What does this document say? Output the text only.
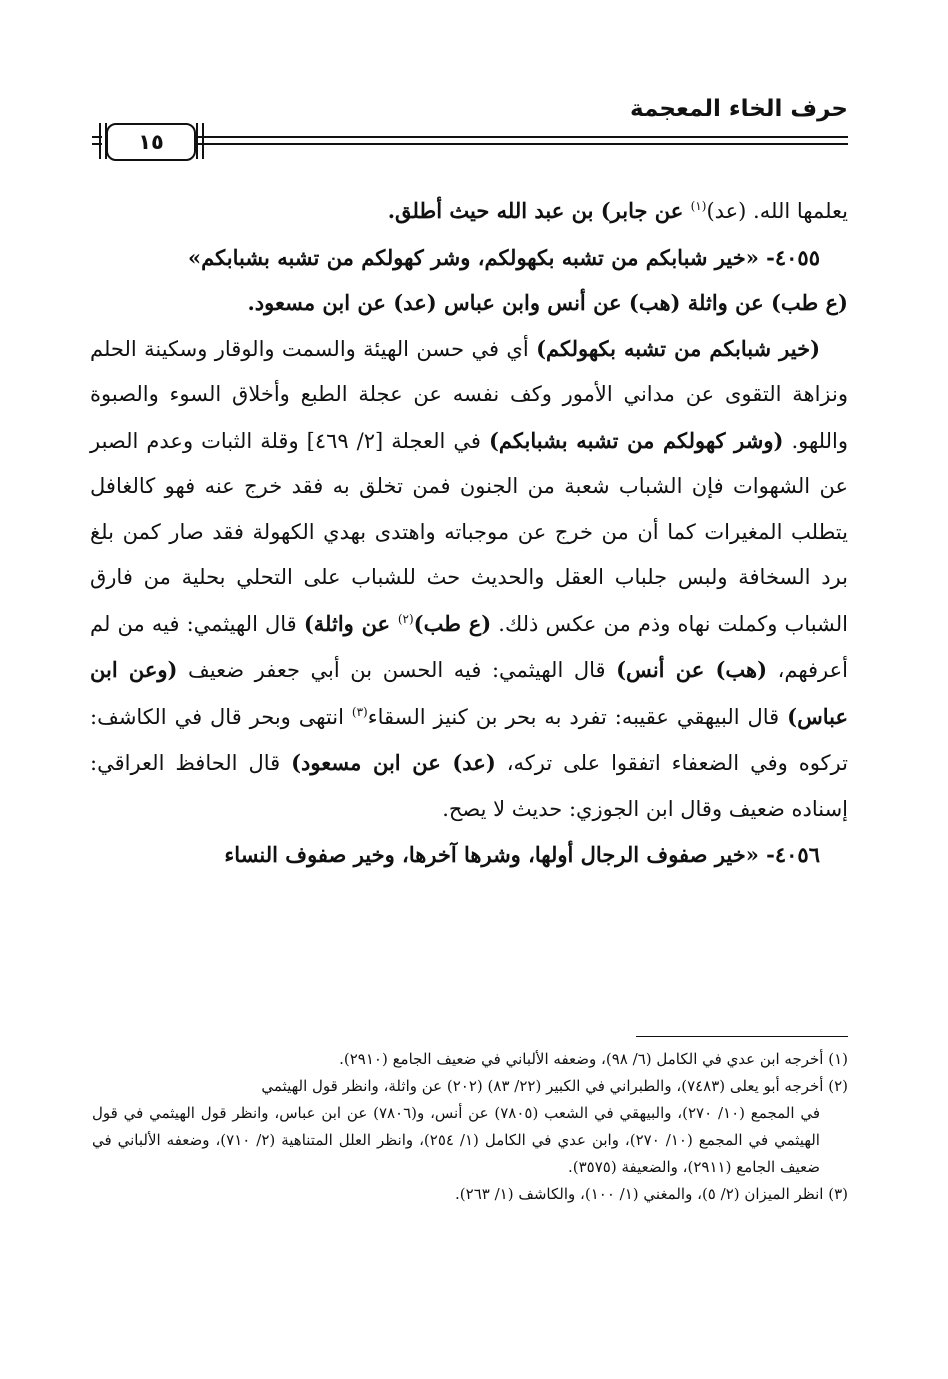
حرف الخاء المعجمة
١٥

يعلمها الله. (عد)$^{(١)}$ عن جابر) بن عبد الله حيث أطلق.

٤٠٥٥- «خير شبابكم من تشبه بكهولكم، وشر كهولكم من تشبه بشبابكم»

(ع طب) عن واثلة (هب) عن أنس وابن عباس (عد) عن ابن مسعود.

(خير شبابكم من تشبه بكهولكم) أي في حسن الهيئة والسمت والوقار وسكينة الحلم ونزاهة التقوى عن مداني الأمور وكف نفسه عن عجلة الطبع وأخلاق السوء والصبوة واللهو. (وشر كهولكم من تشبه بشبابكم) في العجلة [٢/ ٤٦٩] وقلة الثبات وعدم الصبر عن الشهوات فإن الشباب شعبة من الجنون فمن تخلق به فقد خرج عنه فهو كالغافل يتطلب المغيرات كما أن من خرج عن موجباته واهتدى بهدي الكهولة فقد صار كمن بلغ برد السخافة ولبس جلباب العقل والحديث حث للشباب على التحلي بحلية من فارق الشباب وكملت نهاه وذم من عكس ذلك. (ع طب)$^{(٢)}$ عن واثلة) قال الهيثمي: فيه من لم أعرفهم، (هب) عن أنس) قال الهيثمي: فيه الحسن بن أبي جعفر ضعيف (وعن ابن عباس) قال البيهقي عقيبه: تفرد به بحر بن كنيز السقاء$^{(٣)}$ انتهى وبحر قال في الكاشف: تركوه وفي الضعفاء اتفقوا على تركه، (عد) عن ابن مسعود) قال الحافظ العراقي: إسناده ضعيف وقال ابن الجوزي: حديث لا يصح.

٤٠٥٦- «خير صفوف الرجال أولها، وشرها آخرها، وخير صفوف النساء

(١) أخرجه ابن عدي في الكامل (٦/ ٩٨)، وضعفه الألباني في ضعيف الجامع (٢٩١٠).

(٢) أخرجه أبو يعلى (٧٤٨٣)، والطبراني في الكبير (٢٢/ ٨٣) (٢٠٢) عن واثلة، وانظر قول الهيثمي

في المجمع (١٠/ ٢٧٠)، والبيهقي في الشعب (٧٨٠٥) عن أنس، و(٧٨٠٦) عن ابن عباس، وانظر قول الهيثمي في قول الهيثمي في المجمع (١٠/ ٢٧٠)، وابن عدي في الكامل (١/ ٢٥٤)، وانظر العلل المتناهية (٢/ ٧١٠)، وضعفه الألباني في ضعيف الجامع (٢٩١١)، والضعيفة (٣٥٧٥).

(٣) انظر الميزان (٢/ ٥)، والمغني (١/ ١٠٠)، والكاشف (١/ ٢٦٣).
